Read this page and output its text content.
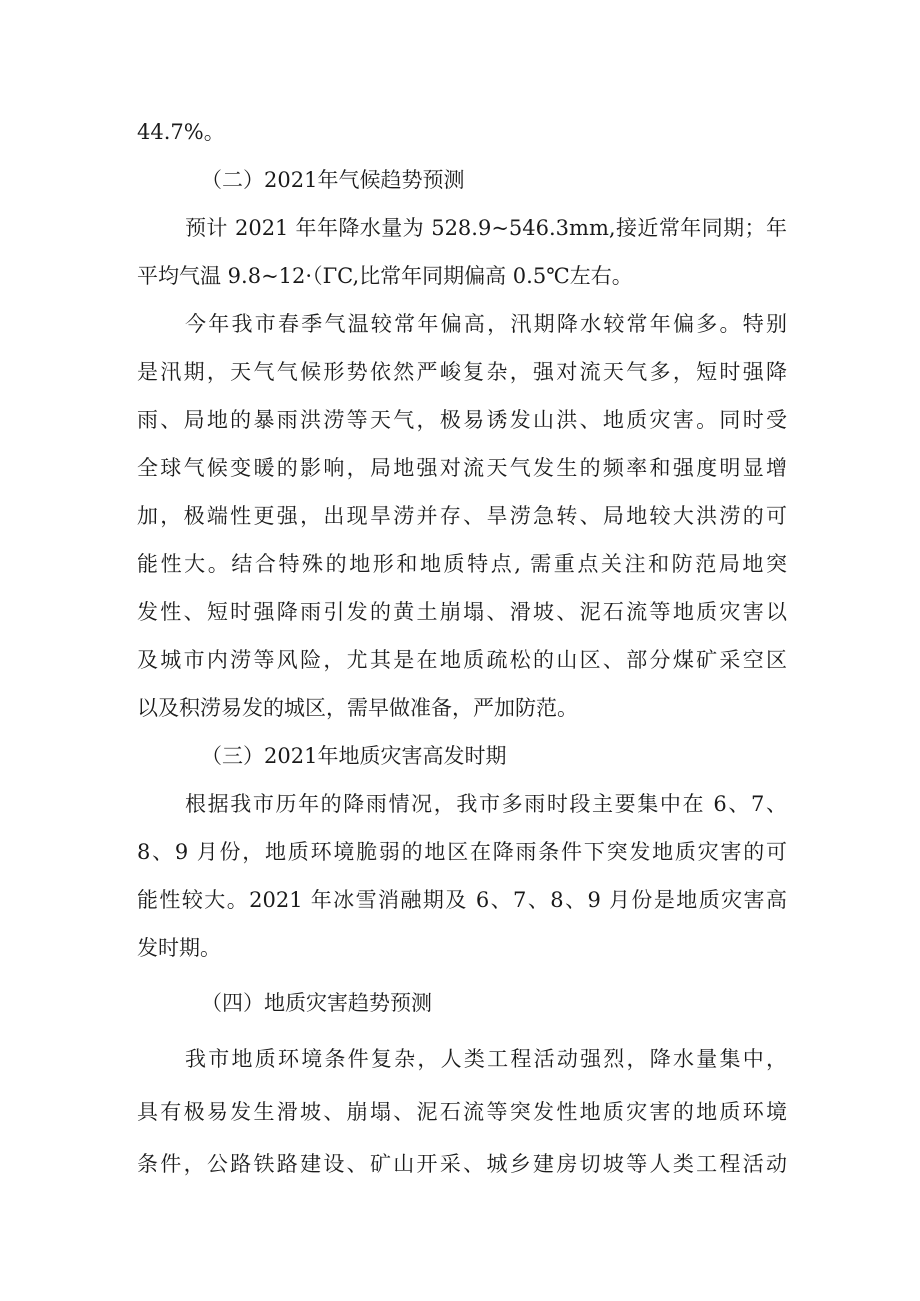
44.7%。
（二）2021年气候趋势预测
预计 2021 年年降水量为 528.9~546.3mm,接近常年同期；年
平均气温 9.8~12·（ΓC,比常年同期偏高 0.5℃左右。
今年我市春季气温较常年偏高，汛期降水较常年偏多。特别
是汛期，天气气候形势依然严峻复杂，强对流天气多，短时强降
雨、局地的暴雨洪涝等天气，极易诱发山洪、地质灾害。同时受
全球气候变暖的影响，局地强对流天气发生的频率和强度明显增
加，极端性更强，出现旱涝并存、旱涝急转、局地较大洪涝的可
能性大。结合特殊的地形和地质特点, 需重点关注和防范局地突
发性、短时强降雨引发的黄土崩塌、滑坡、泥石流等地质灾害以
及城市内涝等风险，尤其是在地质疏松的山区、部分煤矿采空区
以及积涝易发的城区，需早做准备，严加防范。
（三）2021年地质灾害高发时期
根据我市历年的降雨情况，我市多雨时段主要集中在 6、7、
8、9 月份，地质环境脆弱的地区在降雨条件下突发地质灾害的可
能性较大。2021 年冰雪消融期及 6、7、8、9 月份是地质灾害高
发时期。
（四）地质灾害趋势预测
我市地质环境条件复杂，人类工程活动强烈，降水量集中，
具有极易发生滑坡、崩塌、泥石流等突发性地质灾害的地质环境
条件，公路铁路建设、矿山开采、城乡建房切坡等人类工程活动
